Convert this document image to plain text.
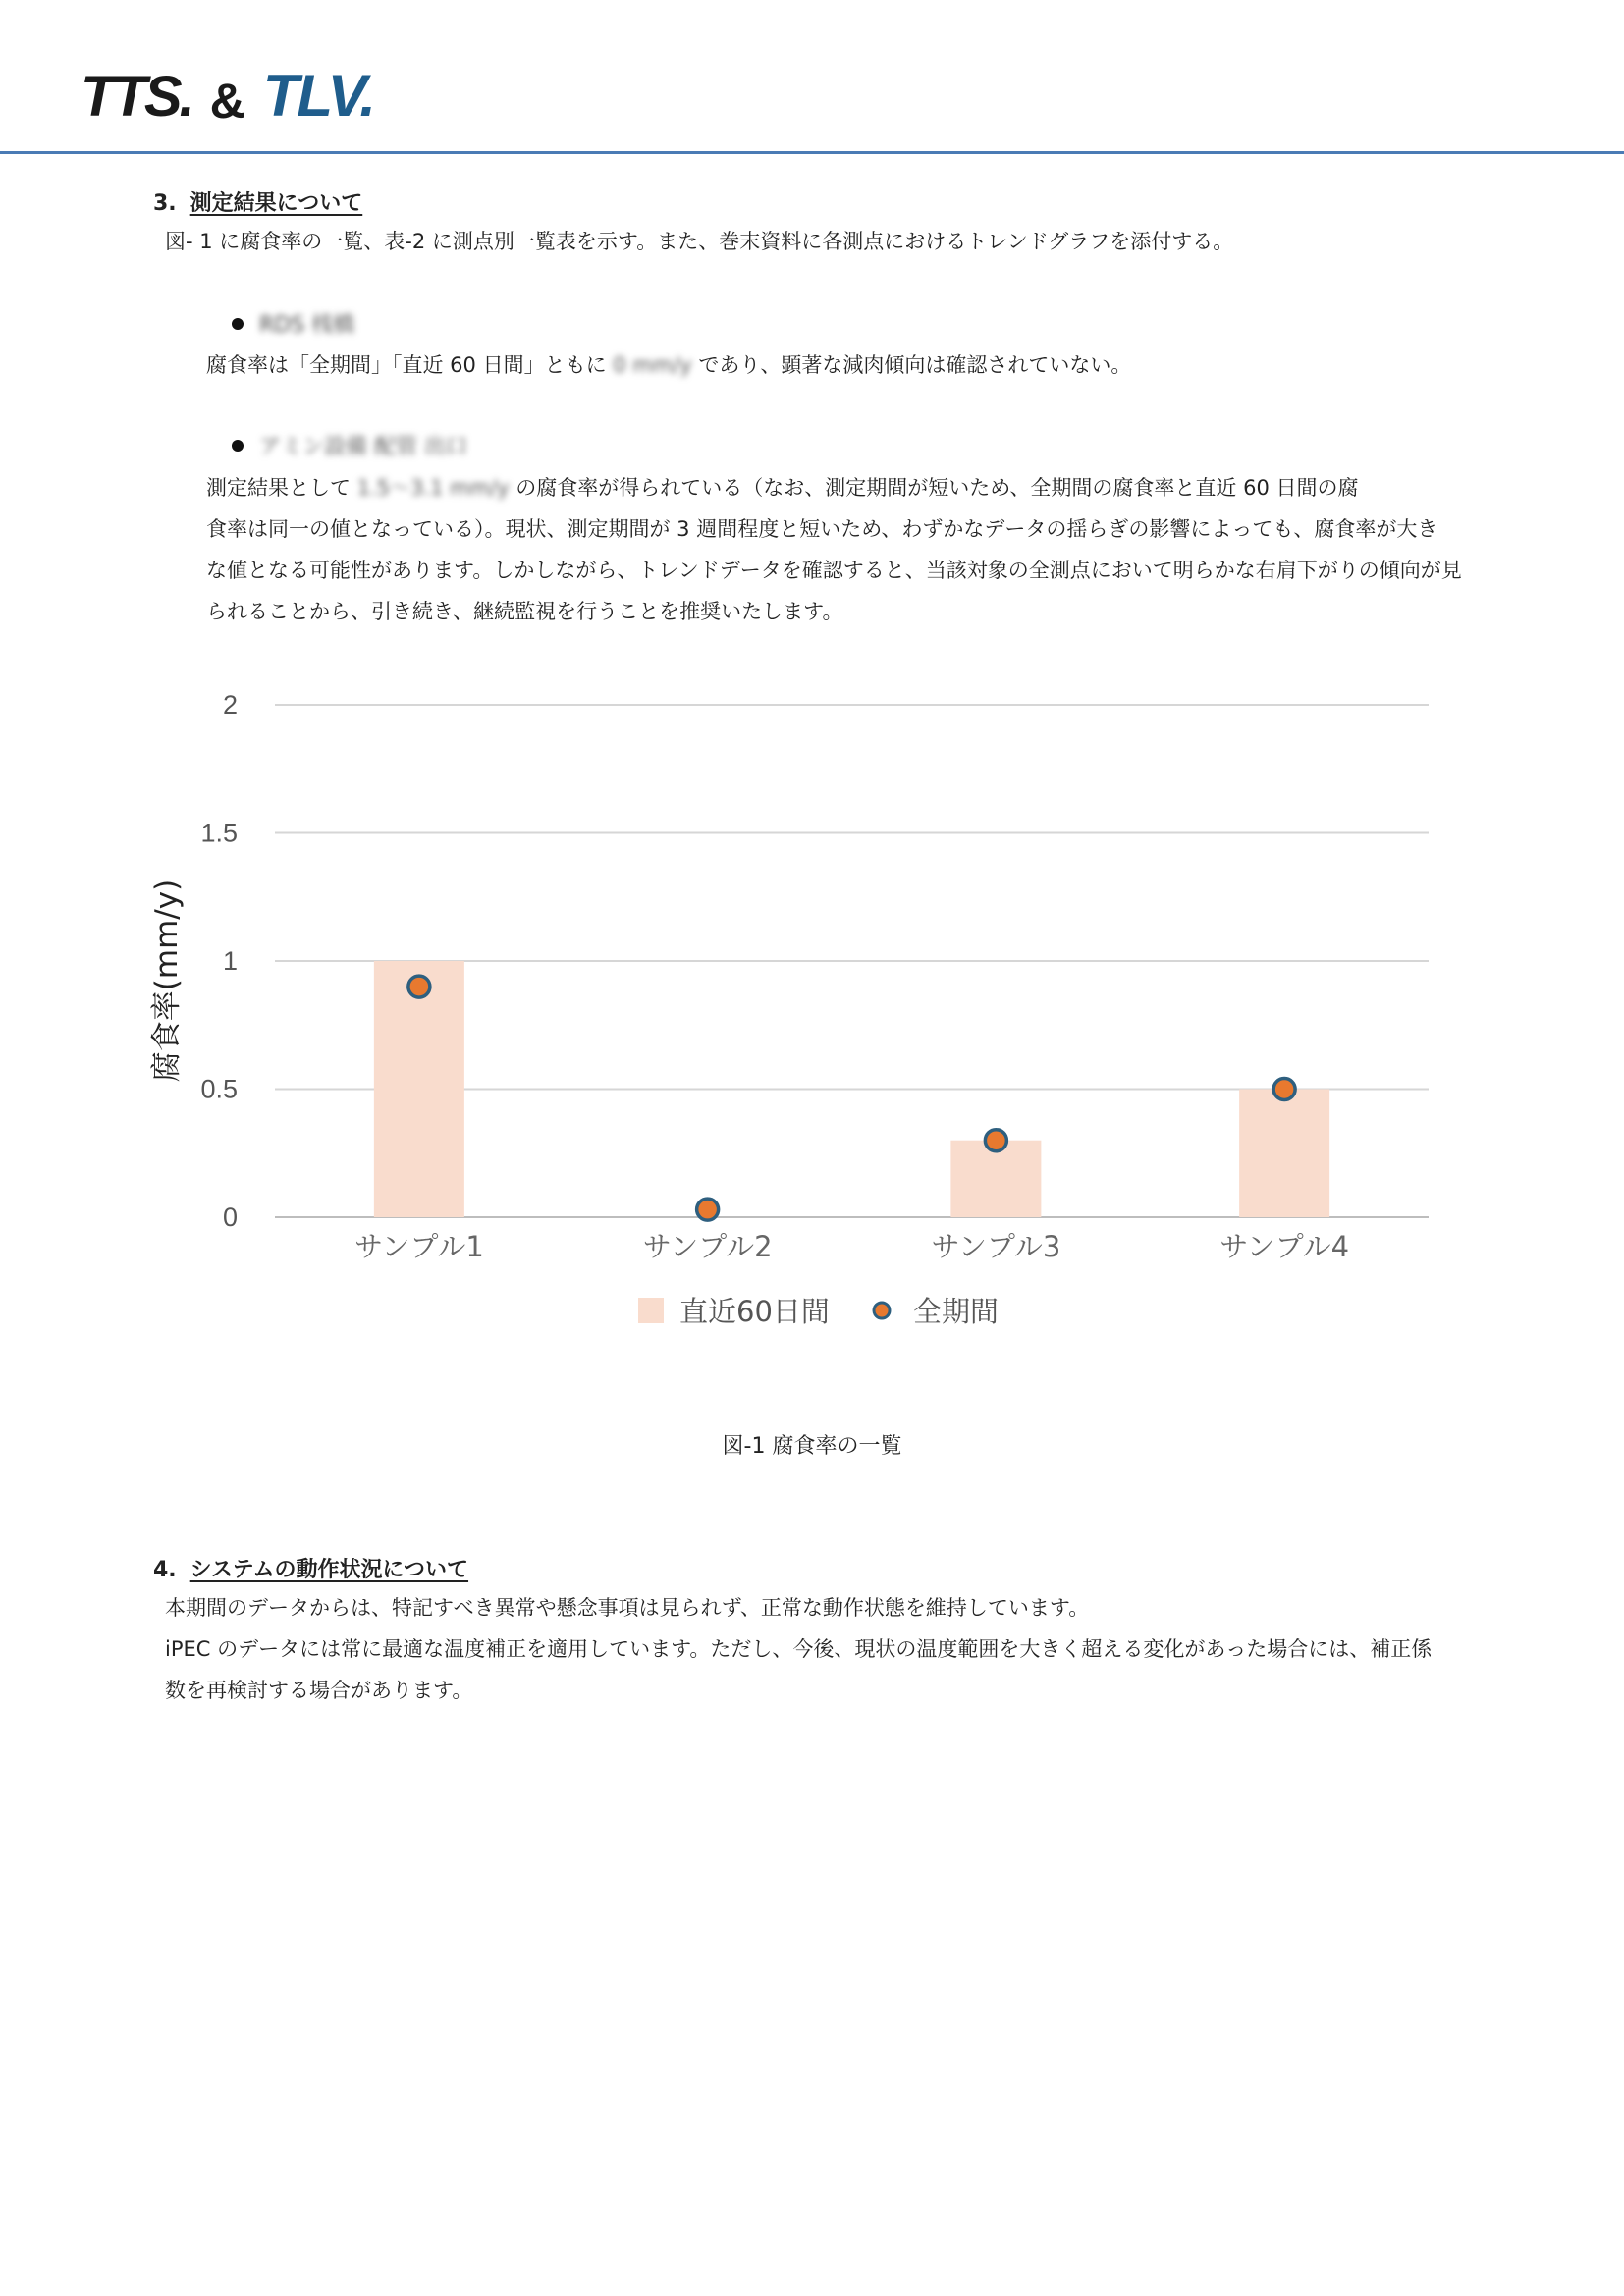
TTS. & TLV.
3. 測定結果について
図- 1 に腐食率の一覧、表-2 に測点別一覧表を示す。また、巻末資料に各測点におけるトレンドグラフを添付する。
RDS 桟橋
腐食率は「全期間」「直近 60 日間」ともに 0 mm/y であり、顕著な減肉傾向は確認されていない。
アミン設備 配管 出口
測定結果として 1.5～3.1 mm/y の腐食率が得られている（なお、測定期間が短いため、全期間の腐食率と直近 60 日間の腐
食率は同一の値となっている）。現状、測定期間が 3 週間程度と短いため、わずかなデータの揺らぎの影響によっても、腐食率が大き
な値となる可能性があります。しかしながら、トレンドデータを確認すると、当該対象の全測点において明らかな右肩下がりの傾向が見
られることから、引き続き、継続監視を行うことを推奨いたします。
0
0.5
1
1.5
2
腐食率(mm/y)
サンプル1	サンプル2	サンプル3	サンプル4
直近60日間	全期間
図-1 腐食率の一覧
4. システムの動作状況について
本期間のデータからは、特記すべき異常や懸念事項は見られず、正常な動作状態を維持しています。
iPEC のデータには常に最適な温度補正を適用しています。ただし、今後、現状の温度範囲を大きく超える変化があった場合には、補正係
数を再検討する場合があります。
